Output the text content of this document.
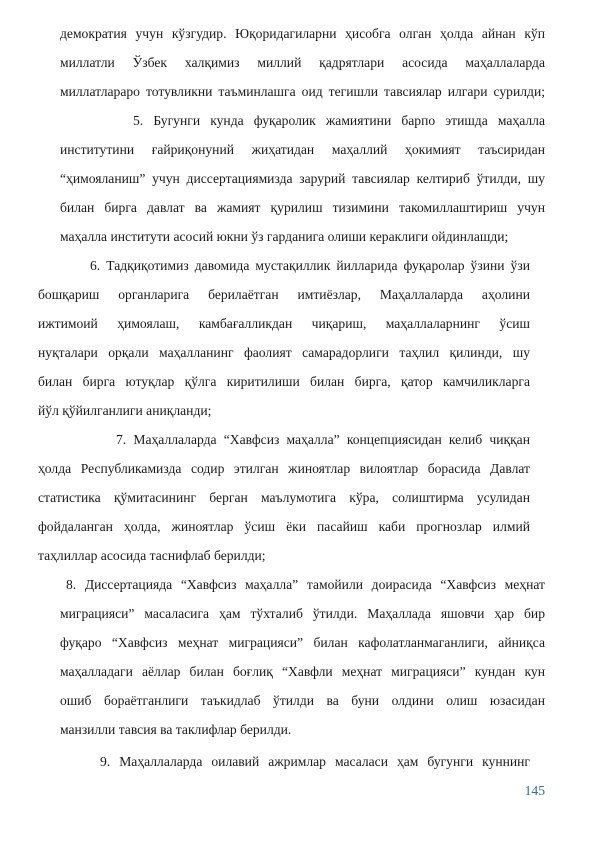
демократия учун кўзгудир. Юқоридагиларни ҳисобга олган ҳолда айнан кўп
миллатли Ўзбек халқимиз миллий қадрятлари асосида маҳаллаларда
миллатлараро тотувликни таъминлашга оид тегишли тавсиялар илгари сурилди;
5. Бугунги кунда фуқаролик жамиятини барпо этишда маҳалла
институтини ғайриқонуний жиҳатидан маҳаллий ҳокимият таъсиридан
“ҳимояланиш” учун диссертациямизда зарурий тавсиялар келтириб ўтилди, шу
билан бирга давлат ва жамият қурилиш тизимини такомиллаштириш учун
маҳалла институти асосий юкни ўз гарданига олиши кераклиги ойдинлашди;
6. Тадқиқотимиз давомида мустақиллик йилларида фуқаролар ўзини ўзи
бошқариш органларига берилаётган имтиёзлар, Маҳаллаларда аҳолини
ижтимоий ҳимоялаш, камбағалликдан чиқариш, маҳаллаларнинг ўсиш
нуқталари орқали маҳалланинг фаолият самарадорлиги таҳлил қилинди, шу
билан бирга ютуқлар қўлга киритилиши билан бирга, қатор камчиликларга
йўл қўйилганлиги аниқланди;
7. Маҳаллаларда “Хавфсиз маҳалла” концепциясидан келиб чиққан
ҳолда Республикамизда содир этилган жиноятлар вилоятлар борасида Давлат
статистика қўмитасининг берган маълумотига кўра, солиштирма усулидан
фойдаланган ҳолда, жиноятлар ўсиш ёки пасайиш каби прогнозлар илмий
таҳлиллар асосида таснифлаб берилди;
8. Диссертацияда “Хавфсиз маҳалла” тамойили доирасида “Хавфсиз меҳнат
миграцияси” масаласига ҳам тўхталиб ўтилди. Маҳаллада яшовчи ҳар бир
фуқаро “Хавфсиз меҳнат миграцияси” билан кафолатланмаганлиги, айниқса
маҳалладаги аёллар билан боғлиқ “Хавфли меҳнат миграцияси” кундан кун
ошиб бораётганлиги таъкидлаб ўтилди ва буни олдини олиш юзасидан
манзилли тавсия ва таклифлар берилди.
9. Маҳаллаларда оилавий ажримлар масаласи ҳам бугунги куннинг
145
